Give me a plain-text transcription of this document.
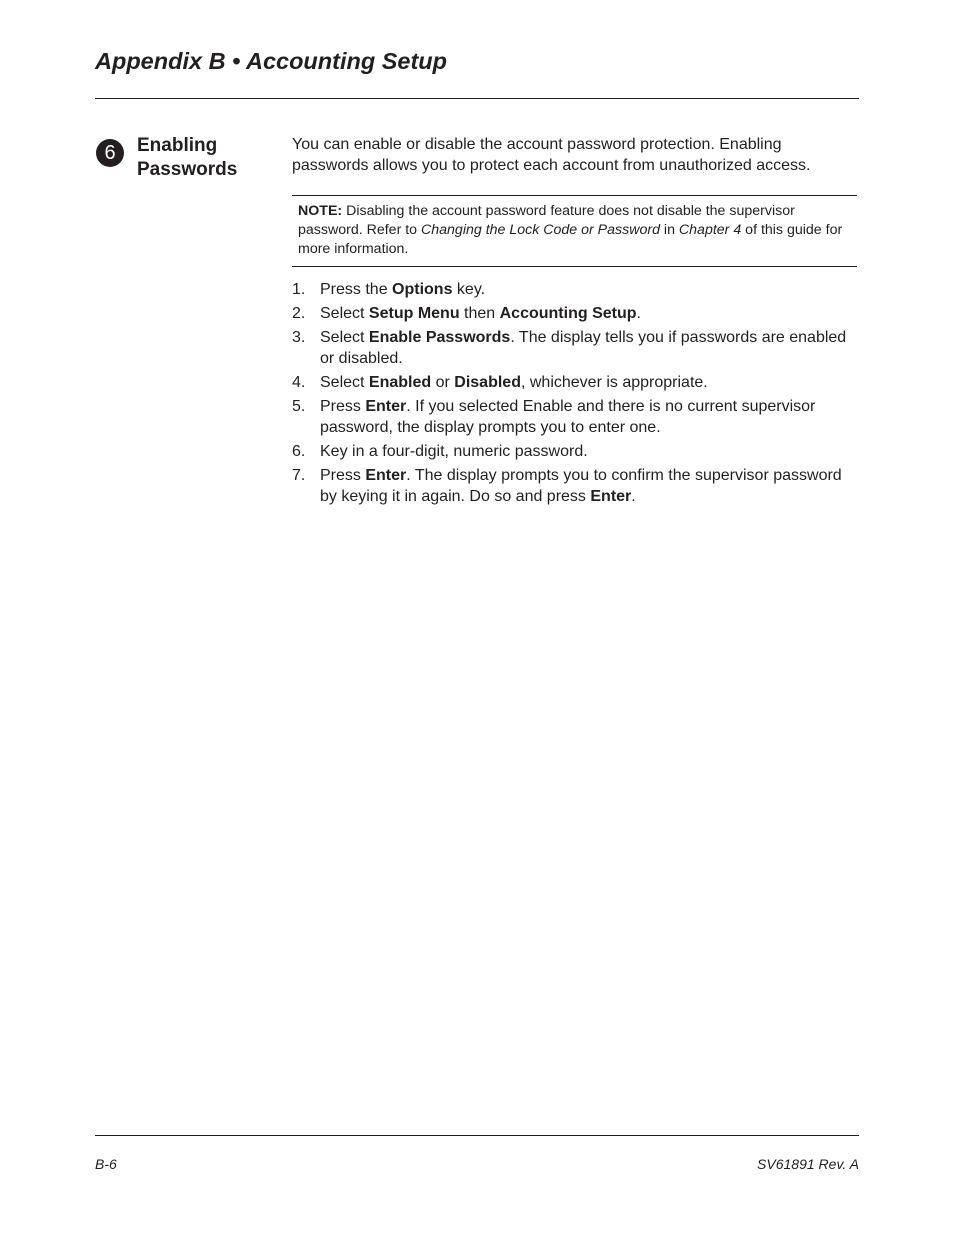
Appendix B • Accounting Setup
6	Enabling
Passwords

You can enable or disable the account password protection. Enabling passwords allows you to protect each account from unauthorized access.

NOTE: Disabling the account password feature does not disable the supervisor password. Refer to Changing the Lock Code or Password in Chapter 4 of this guide for more information.
1. Press the Options key.
2. Select Setup Menu then Accounting Setup.
3. Select Enable Passwords. The display tells you if passwords are enabled or disabled.
4. Select Enabled or Disabled, whichever is appropriate.
5. Press Enter. If you selected Enable and there is no current supervisor password, the display prompts you to enter one.
6. Key in a four-digit, numeric password.
7. Press Enter. The display prompts you to confirm the supervisor password by keying it in again. Do so and press Enter.
B-6	SV61891 Rev. A
